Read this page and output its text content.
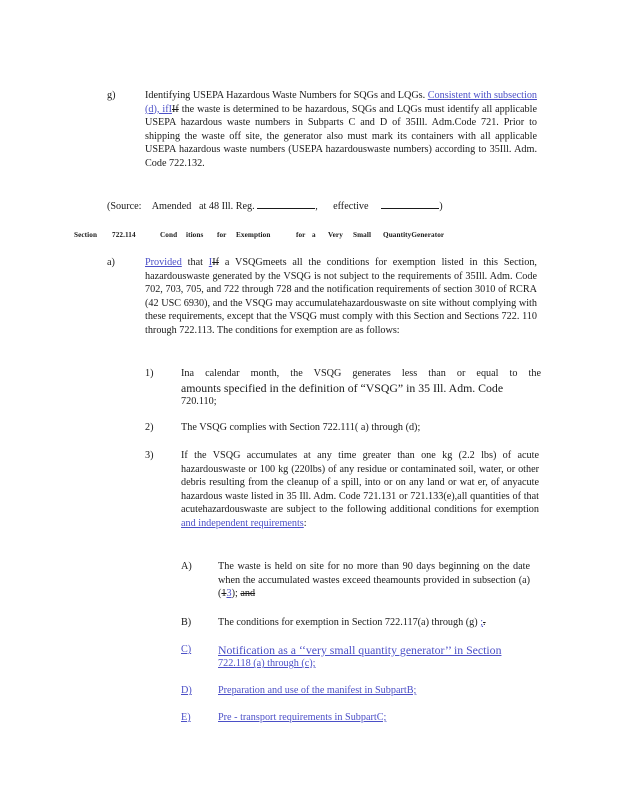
g)	Identifying USEPA Hazardous Waste Numbers for SQGs and LQGs. Consistent with subsection (d), ifIIf the waste is determined to be hazardous, SQGs and LQGs must identify all applicable USEPA hazardous waste numbers in Subparts C and D of 35Ill. Adm.Code 721. Prior to shipping the waste off site, the generator also must mark its containers with all applicable USEPA hazardous waste numbers (USEPA hazardouswaste numbers) according to 35Ill. Adm. Code 722.132.
(Source: Amended at 48 Ill. Reg.	, effective	)
Section 722.114	Cond itions for Exemption	for a Very Small QuantityGenerator
a)	Provided that IIf a VSQGmeets all the conditions for exemption listed in this Section, hazardouswaste generated by the VSQG is not subject to the requirements of 35Ill. Adm. Code 702, 703, 705, and 722 through 728 and the notification requirements of section 3010 of RCRA (42 USC 6930), and the VSQG may accumulatehazardouswaste on site without complying with these requirements, except that the VSQG must comply with this Section and Sections 722. 110 through 722.113. The conditions for exemption are as follows:
1)	Ina calendar month, the VSQG generates less than or equal to the
amounts specified in the definition of “VSQG” in 35 Ill. Adm. Code
720.110;
2)	The VSQG complies with Section 722.111( a) through (d);
3)	If the VSQG accumulates at any time greater than one kg (2.2 lbs) of acute hazardouswaste or 100 kg (220lbs) of any residue or contaminated soil, water, or other debris resulting from the cleanup of a spill, into or on any land or wat er, of anyacute hazardous waste listed in 35 Ill. Adm. Code 721.131 or 721.133(e),all quantities of that acutehazardouswaste are subject to the following additional conditions for exemption and independent requirements:
A)	The waste is held on site for no more than 90 days beginning on the date when the accumulated wastes exceed theamounts provided in subsection (a)(13); and
B)	The conditions for exemption in Section 722.117(a) through (g) ;.
C) Notification as a ‘‘very small quantity generator’’ in Section
722.118 (a) through (c);
D)	Preparation and use of the manifest in SubpartB;
E)	Pre - transport requirements in SubpartC;
